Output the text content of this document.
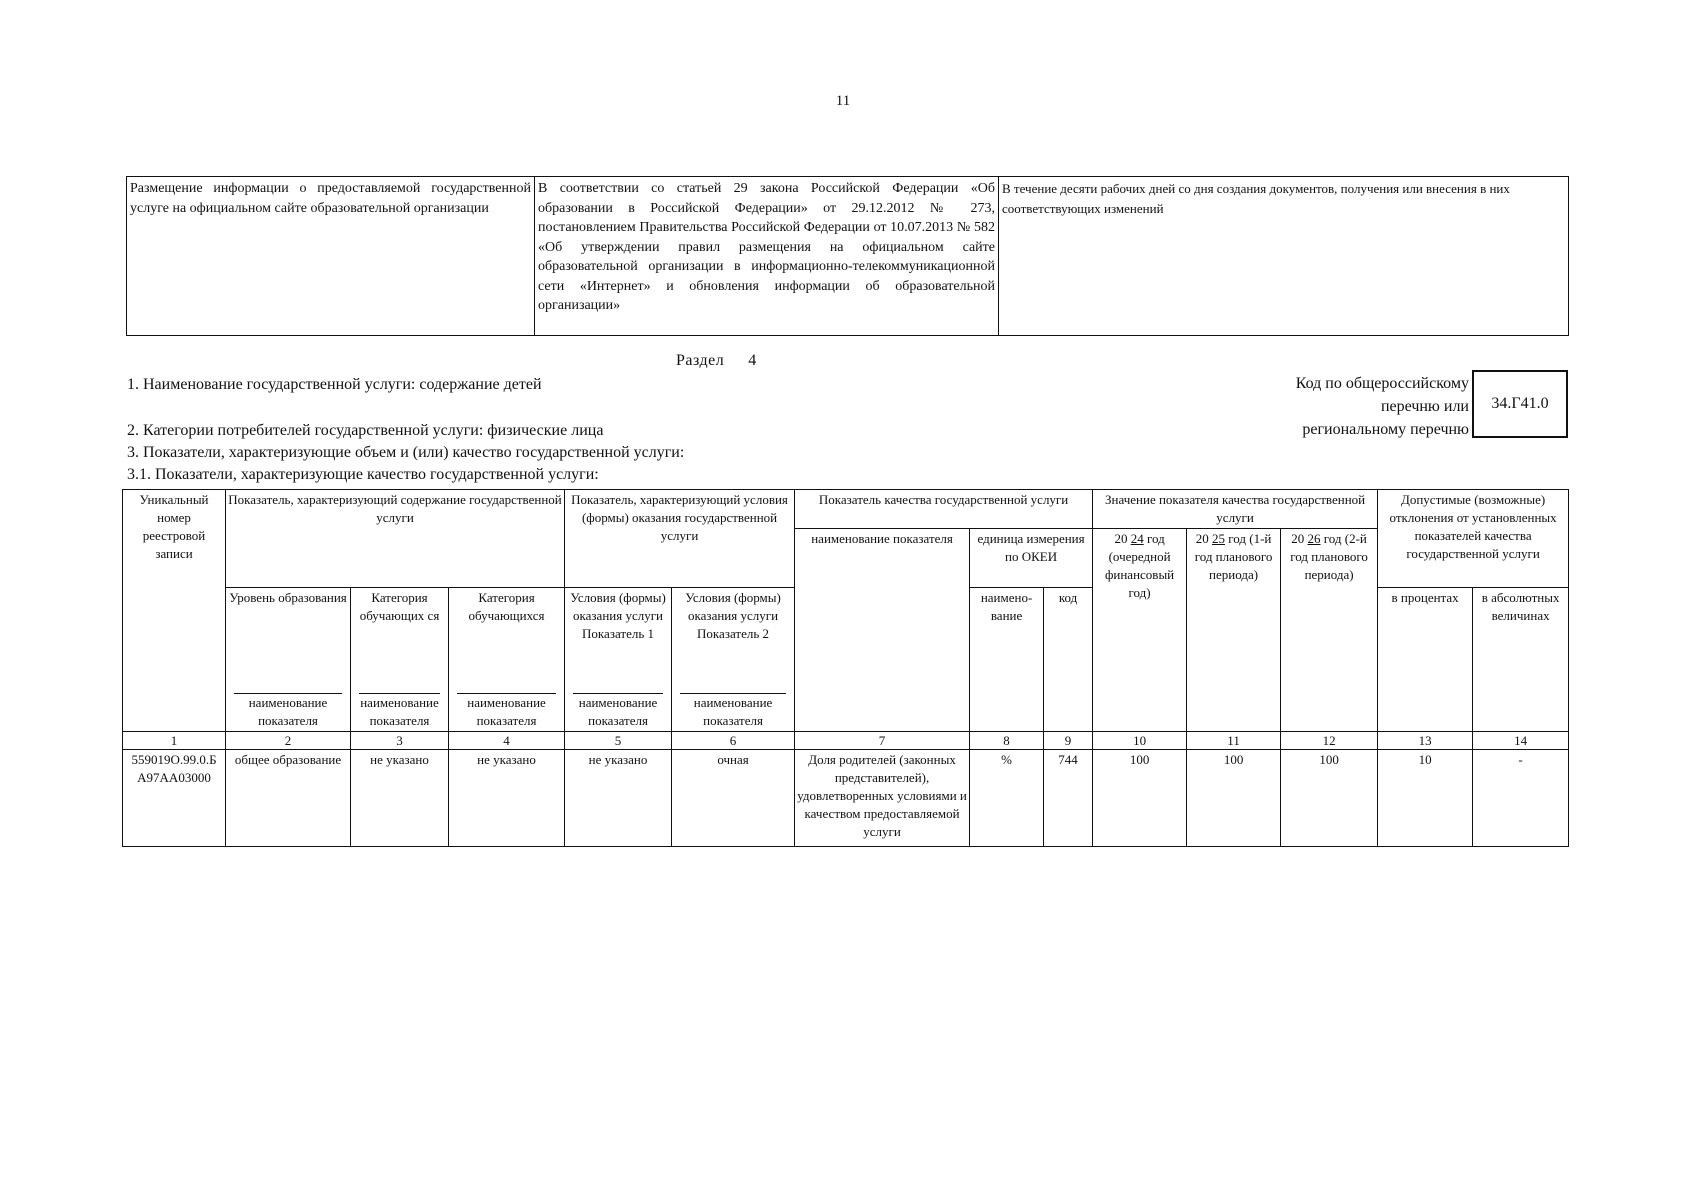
11
Размещение информации о предоставляемой государственной услуге на официальном сайте образовательной организации	В соответствии со статьей 29 закона Российской Федерации «Об образовании в Российской Федерации» от 29.12.2012 № 273, постановлением Правительства Российской Федерации от 10.07.2013 № 582 «Об утверждении правил размещения на официальном сайте образовательной организации в информационно-телекоммуникационной сети «Интернет» и обновления информации об образовательной организации»	В течение десяти рабочих дней со дня создания документов, получения или внесения в них соответствующих изменений
Раздел 4
1. Наименование государственной услуги: содержание детей
2. Категории потребителей государственной услуги: физические лица
3. Показатели, характеризующие объем и (или) качество государственной услуги:
3.1. Показатели, характеризующие качество государственной услуги:
Код по общероссийскому
перечню или
региональному перечню
34.Г41.0
Уникальный номер реестровой записи	Показатель, характеризующий содержание государственной услуги			Показатель, характеризующий условия (формы) оказания государственной услуги		Показатель качества государственной услуги			Значение показателя качества государственной услуги			Допустимые (возможные) отклонения от установленных показателей качества государственной услуги	
						наименование показателя	единица измерения по ОКЕИ		20 24 год (очередной финансовый год)	20 25 год (1-й год планового периода)	20 26 год (2-й год планового периода)		
	Уровень образования	Категория обучающих ся	Категория обучающихся	Условия (формы) оказания услуги Показатель 1	Условия (формы) оказания услуги Показатель 2		наимено- вание	код				в процентах	в абсолютных величинах

	наименование показателя	наименование показателя	наименование показателя	наименование показателя	наименование показателя								

1	2	3	4	5	6	7	8	9	10	11	12	13	14
559019О.99.0.Б А97АА03000	общее образование	не указано	не указано	не указано	очная	Доля родителей (законных представителей), удовлетворенных условиями и качеством предоставляемой услуги	%	744	100	100	100	10	-
